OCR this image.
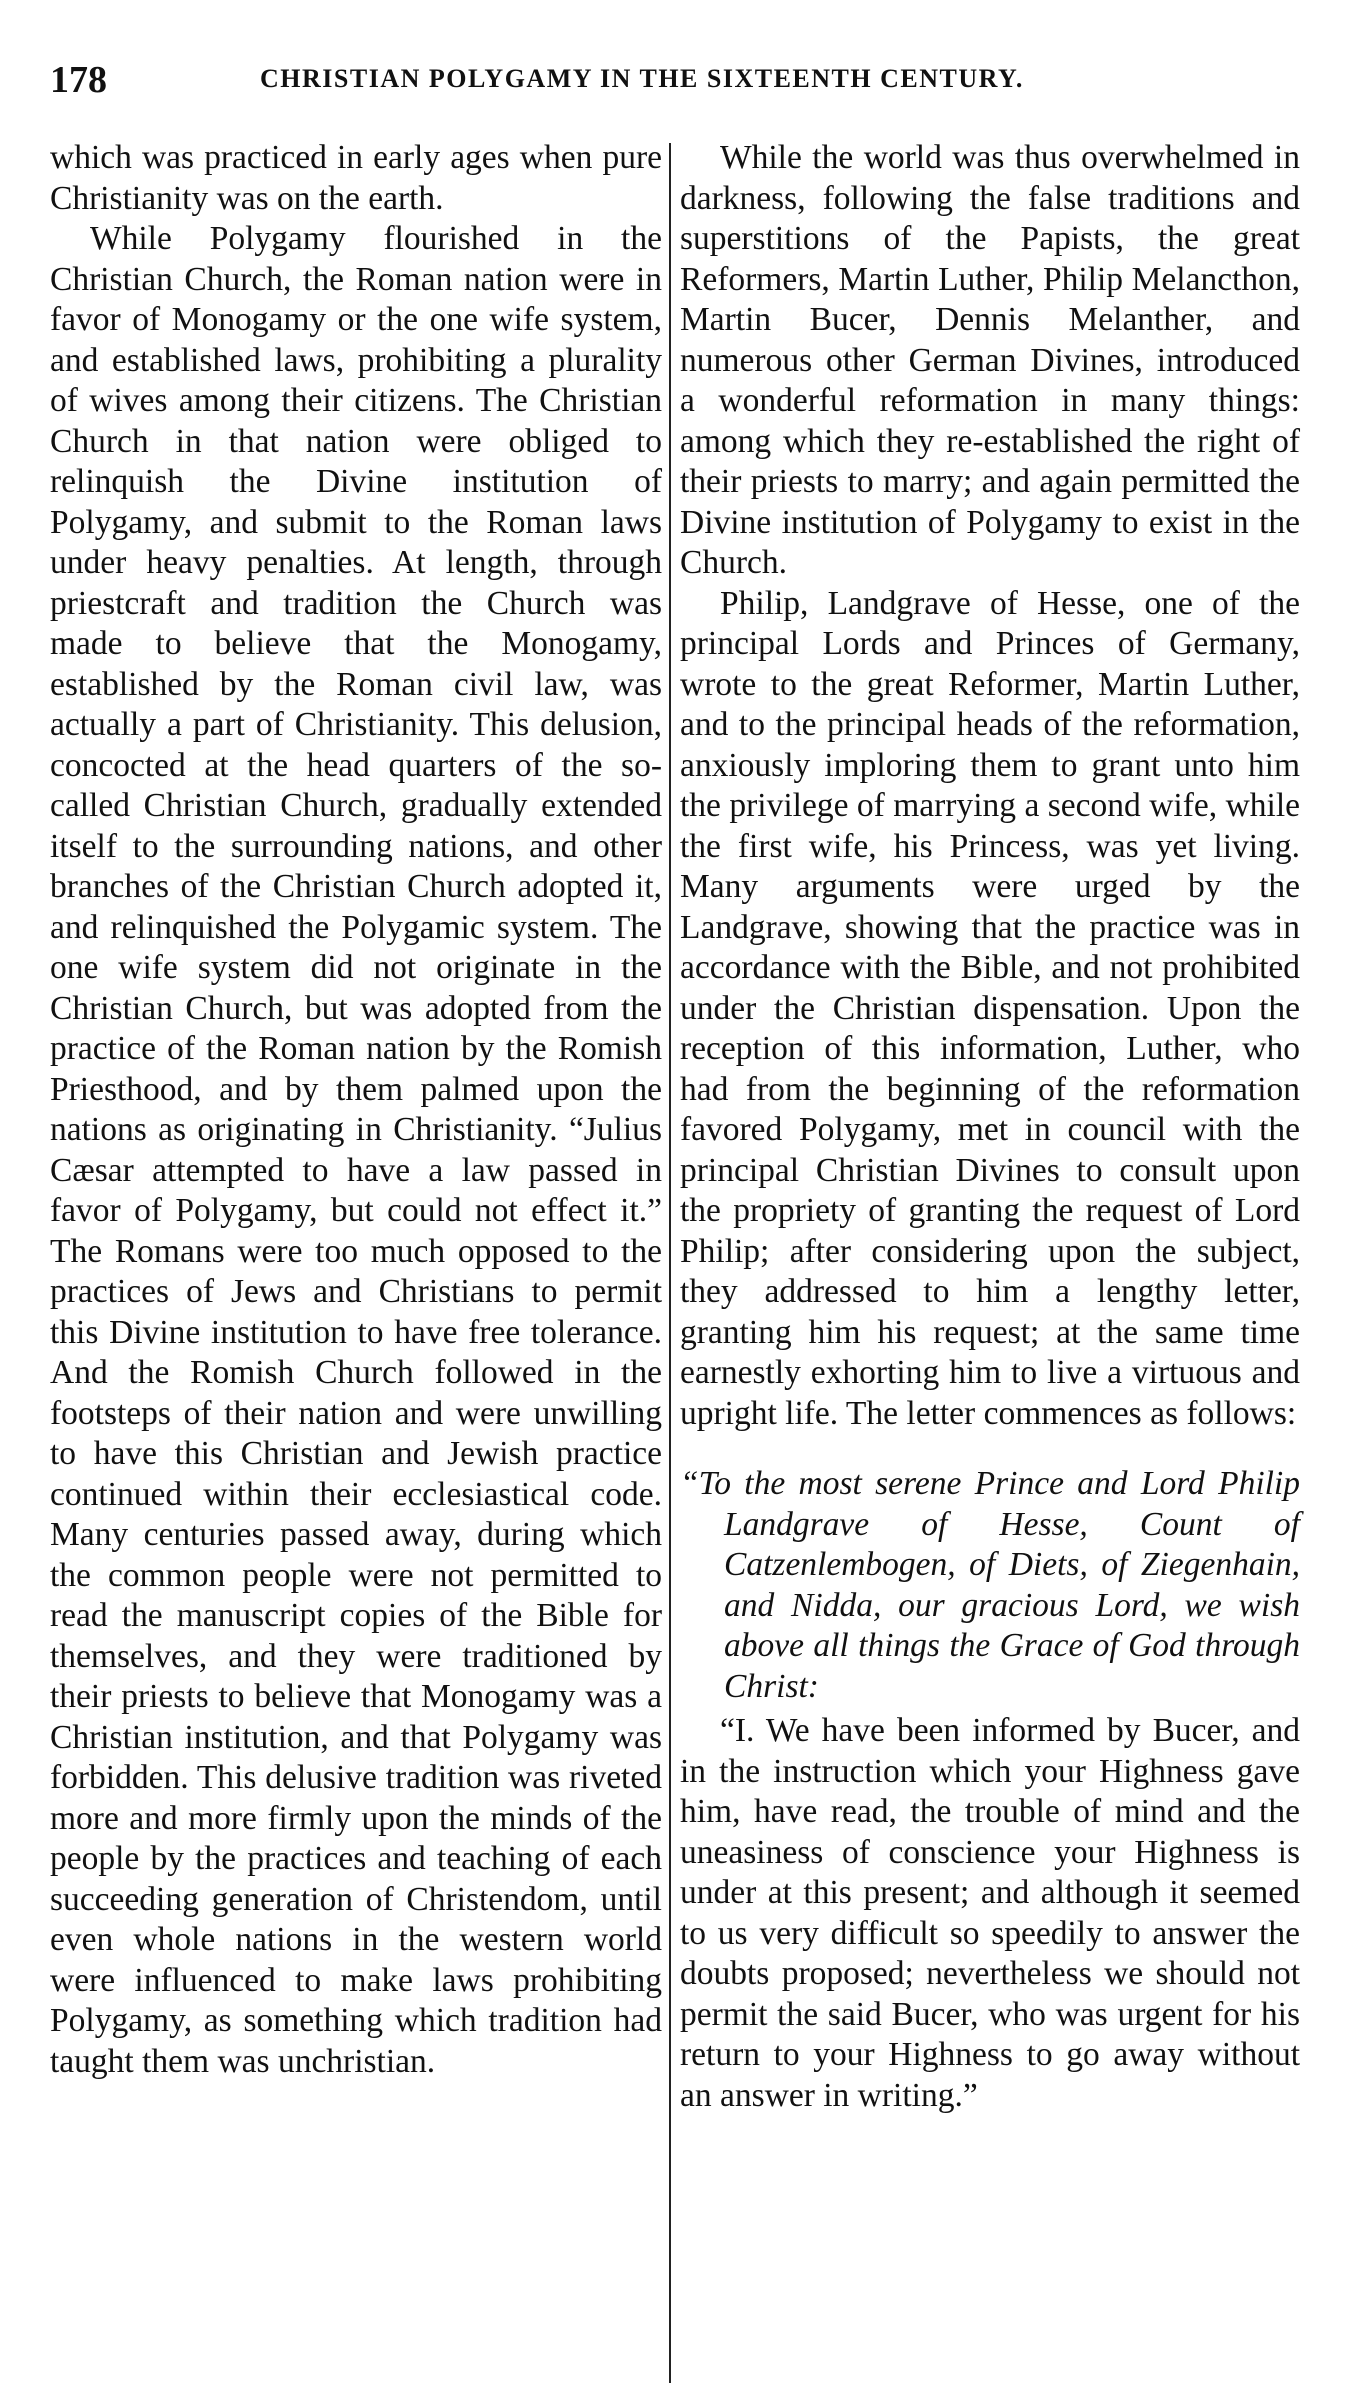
178	CHRISTIAN POLYGAMY IN THE SIXTEENTH CENTURY.

which was practiced in early ages when pure Christianity was on the earth.

While Polygamy flourished in the Christian Church, the Roman nation were in favor of Monogamy or the one wife system, and established laws, prohibiting a plurality of wives among their citizens. The Christian Church in that nation were obliged to relinquish the Divine institution of Polygamy, and submit to the Roman laws under heavy penalties. At length, through priestcraft and tradition the Church was made to believe that the Monogamy, established by the Roman civil law, was actually a part of Christianity. This delusion, concocted at the head quarters of the so-called Christian Church, gradually extended itself to the surrounding nations, and other branches of the Christian Church adopted it, and relinquished the Polygamic system. The one wife system did not originate in the Christian Church, but was adopted from the practice of the Roman nation by the Romish Priesthood, and by them palmed upon the nations as originating in Christianity. “Julius Cæsar attempted to have a law passed in favor of Polygamy, but could not effect it.” The Romans were too much opposed to the practices of Jews and Christians to permit this Divine institution to have free tolerance. And the Romish Church followed in the footsteps of their nation and were unwilling to have this Christian and Jewish practice continued within their ecclesiastical code. Many centuries passed away, during which the common people were not permitted to read the manuscript copies of the Bible for themselves, and they were traditioned by their priests to believe that Monogamy was a Christian institution, and that Polygamy was forbidden. This delusive tradition was riveted more and more firmly upon the minds of the people by the practices and teaching of each succeeding generation of Christendom, until even whole nations in the western world were influenced to make laws prohibiting Polygamy, as something which tradition had taught them was unchristian.

While the world was thus overwhelmed in darkness, following the false traditions and superstitions of the Papists, the great Reformers, Martin Luther, Philip Melancthon, Martin Bucer, Dennis Melanther, and numerous other German Divines, introduced a wonderful reformation in many things: among which they re-established the right of their priests to marry; and again permitted the Divine institution of Polygamy to exist in the Church.

Philip, Landgrave of Hesse, one of the principal Lords and Princes of Germany, wrote to the great Reformer, Martin Luther, and to the principal heads of the reformation, anxiously imploring them to grant unto him the privilege of marrying a second wife, while the first wife, his Princess, was yet living. Many arguments were urged by the Landgrave, showing that the practice was in accordance with the Bible, and not prohibited under the Christian dispensation. Upon the reception of this information, Luther, who had from the beginning of the reformation favored Polygamy, met in council with the principal Christian Divines to consult upon the propriety of granting the request of Lord Philip; after considering upon the subject, they addressed to him a lengthy letter, granting him his request; at the same time earnestly exhorting him to live a virtuous and upright life. The letter commences as follows:

“To the most serene Prince and Lord Philip Landgrave of Hesse, Count of Catzenlembogen, of Diets, of Ziegenhain, and Nidda, our gracious Lord, we wish above all things the Grace of God through Christ:

“I. We have been informed by Bucer, and in the instruction which your Highness gave him, have read, the trouble of mind and the uneasiness of conscience your Highness is under at this present; and although it seemed to us very difficult so speedily to answer the doubts proposed; nevertheless we should not permit the said Bucer, who was urgent for his return to your Highness to go away without an answer in writing.”
